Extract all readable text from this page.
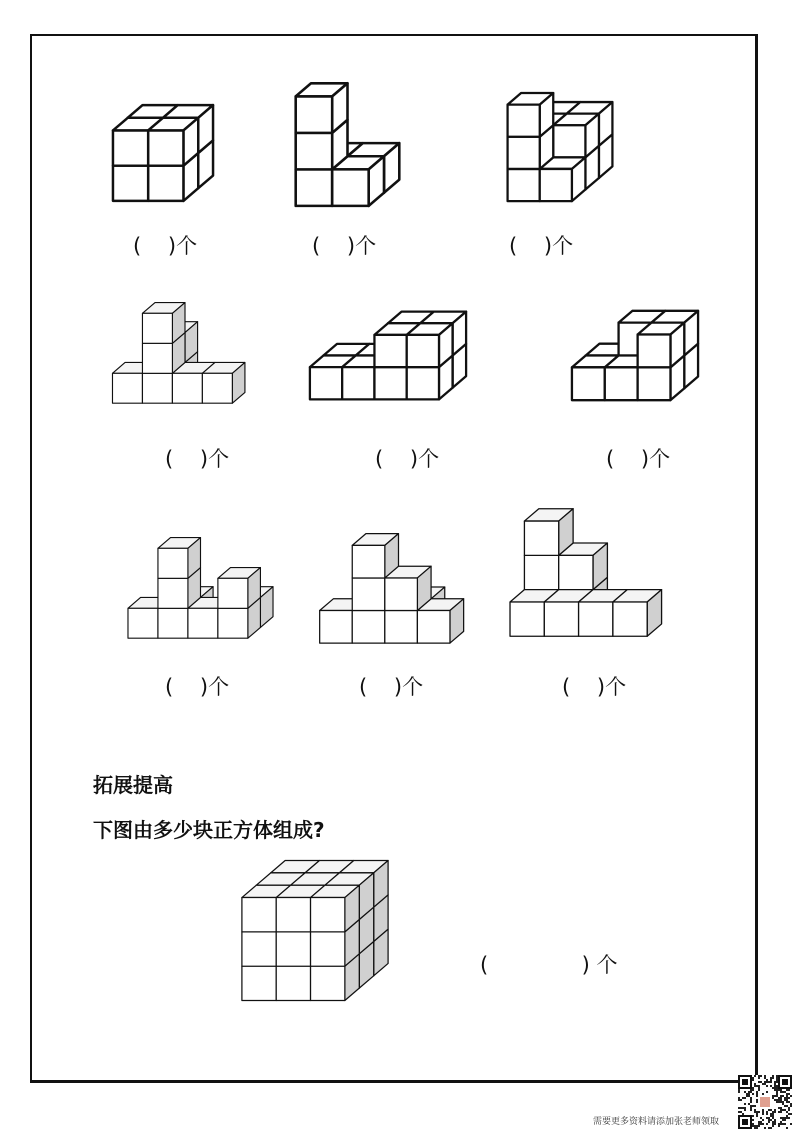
(    )个	(    )个	(    )个
(    )个	(    )个	(    )个
(    )个	(    )个	(    )个
拓展提高
下图由多少块正方体组成?
(              ) 个
需要更多资料请添加张老师领取
